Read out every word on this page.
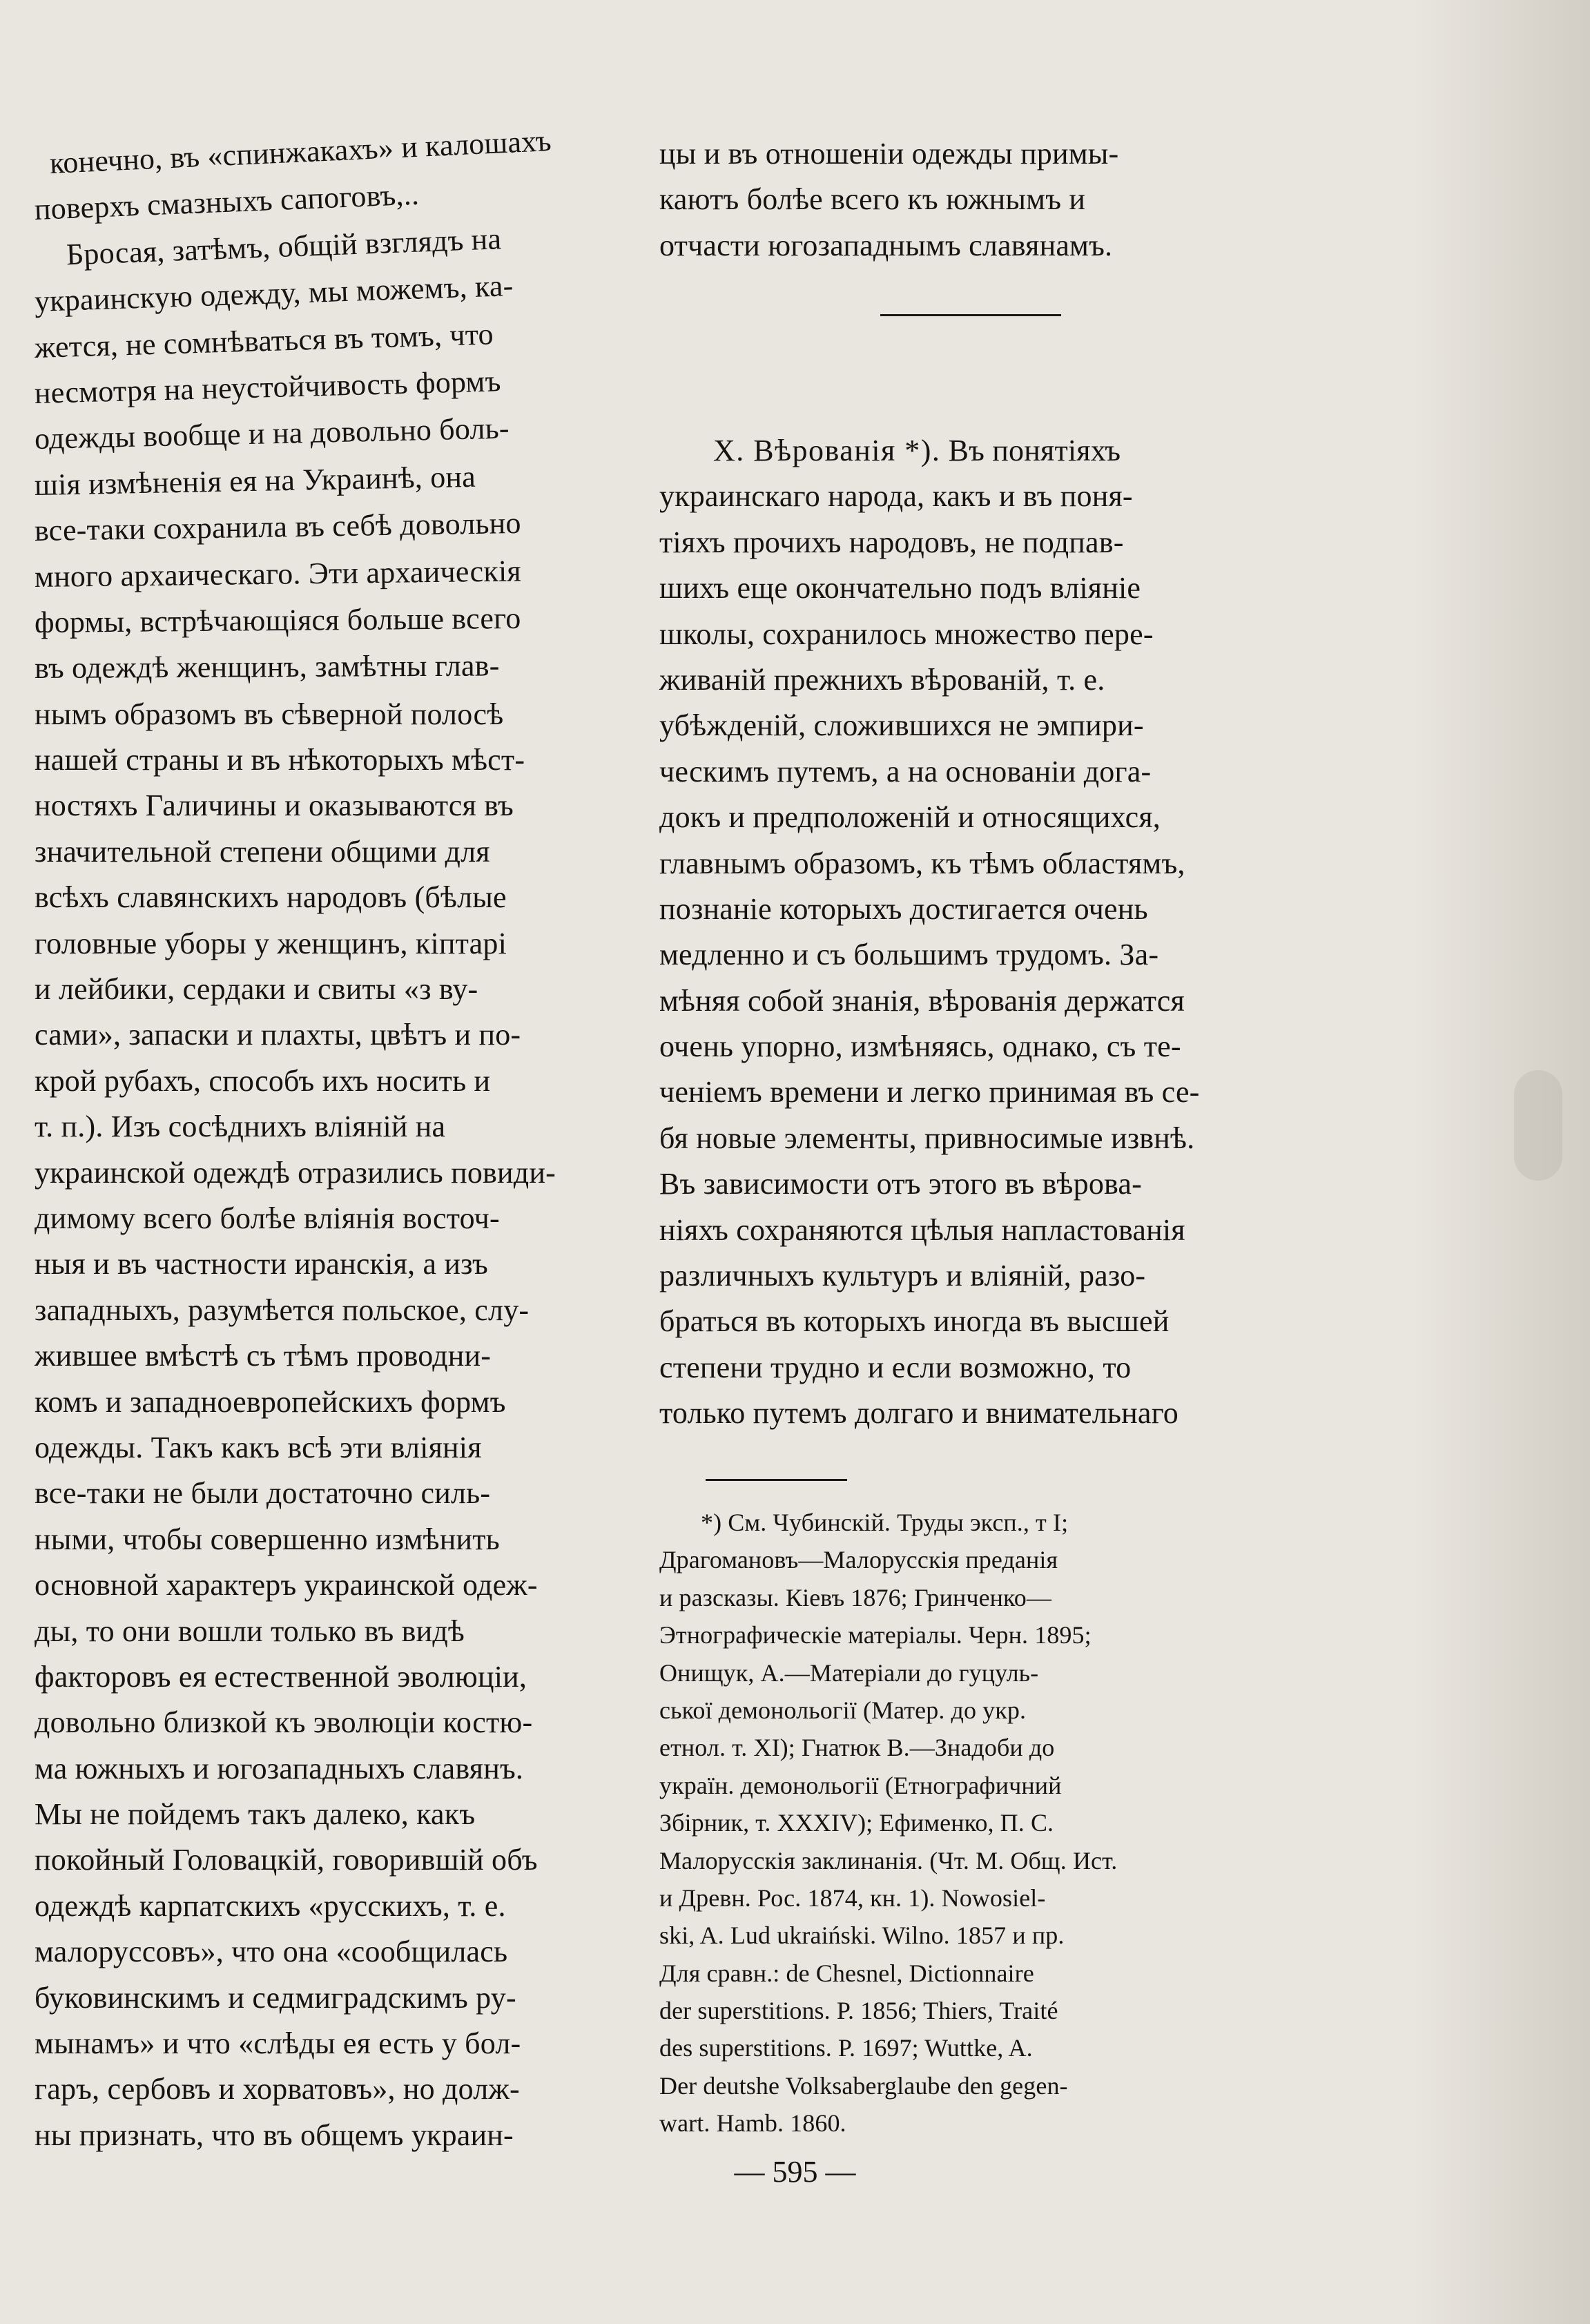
конечно, въ «спинжакахъ» и калошахъ
поверхъ смазныхъ сапоговъ,..
Бросая, затѣмъ, общій взглядъ на
украинскую одежду, мы можемъ, ка-
жется, не сомнѣваться въ томъ, что
несмотря на неустойчивость формъ
одежды вообще и на довольно боль-
шія измѣненія ея на Украинѣ, она
все-таки сохранила въ себѣ довольно
много архаическаго. Эти архаическія
формы, встрѣчающіяся больше всего
въ одеждѣ женщинъ, замѣтны глав-
нымъ образомъ въ сѣверной полосѣ
нашей страны и въ нѣкоторыхъ мѣст-
ностяхъ Галичины и оказываются въ
значительной степени общими для
всѣхъ славянскихъ народовъ (бѣлые
головные уборы у женщинъ, кіптарі
и лейбики, сердаки и свиты «з ву-
сами», запаски и плахты, цвѣтъ и по-
крой рубахъ, способъ ихъ носить и
т. п.). Изъ сосѣднихъ вліяній на
украинской одеждѣ отразились повиди-
димому всего болѣе вліянія восточ-
ныя и въ частности иранскія, а изъ
западныхъ, разумѣется польское, слу-
жившее вмѣстѣ съ тѣмъ проводни-
комъ и западноевропейскихъ формъ
одежды. Такъ какъ всѣ эти вліянія
все-таки не были достаточно силь-
ными, чтобы совершенно измѣнить
основной характеръ украинской одеж-
ды, то они вошли только въ видѣ
факторовъ ея естественной эволюціи,
довольно близкой къ эволюціи костю-
ма южныхъ и югозападныхъ славянъ.
Мы не пойдемъ такъ далеко, какъ
покойный Головацкій, говорившій объ
одеждѣ карпатскихъ «русскихъ, т. е.
малоруссовъ», что она «сообщилась
буковинскимъ и седмиградскимъ ру-
мынамъ» и что «слѣды ея есть у бол-
гаръ, сербовъ и хорватовъ», но долж-
ны признать, что въ общемъ украин-
цы и въ отношеніи одежды примы-
каютъ болѣе всего къ южнымъ и
отчасти югозападнымъ славянамъ.
X. Вѣрованія *). Въ понятіяхъ
украинскаго народа, какъ и въ поня-
тіяхъ прочихъ народовъ, не подпав-
шихъ еще окончательно подъ вліяніе
школы, сохранилось множество пере-
живаній прежнихъ вѣрованій, т. е.
убѣжденій, сложившихся не эмпири-
ческимъ путемъ, а на основаніи дога-
докъ и предположеній и относящихся,
главнымъ образомъ, къ тѣмъ областямъ,
познаніе которыхъ достигается очень
медленно и съ большимъ трудомъ. За-
мѣняя собой знанія, вѣрованія держатся
очень упорно, измѣняясь, однако, съ те-
ченіемъ времени и легко принимая въ се-
бя новые элементы, привносимые извнѣ.
Въ зависимости отъ этого въ вѣрова-
ніяхъ сохраняются цѣлыя напластованія
различныхъ культуръ и вліяній, разо-
браться въ которыхъ иногда въ высшей
степени трудно и если возможно, то
только путемъ долгаго и внимательнаго
*) См. Чубинскій. Труды эксп., т I;
Драгомановъ—Малорусскія преданія
и разсказы. Кіевъ 1876; Гринченко—
Этнографическіе матеріалы. Черн. 1895;
Онищук, А.—Матеріали до гуцуль-
ської демонольогії (Матер. до укр.
етнол. т. XI); Гнатюк В.—Знадоби до
україн. демонольогії (Етнографичний
Збірник, т. XXXIV); Ефименко, П. С.
Малорусскія заклинанія. (Чт. М. Общ. Ист.
и Древн. Рос. 1874, кн. 1). Nowosiel-
ski, A. Lud ukraiński. Wilno. 1857 и пр.
Для сравн.: de Chesnel, Dictionnaire
der superstitions. P. 1856; Thiers, Traité
des superstitions. P. 1697; Wuttke, A.
Der deutshe Volksaberglaube den gegen-
wart. Hamb. 1860.
— 595 —
